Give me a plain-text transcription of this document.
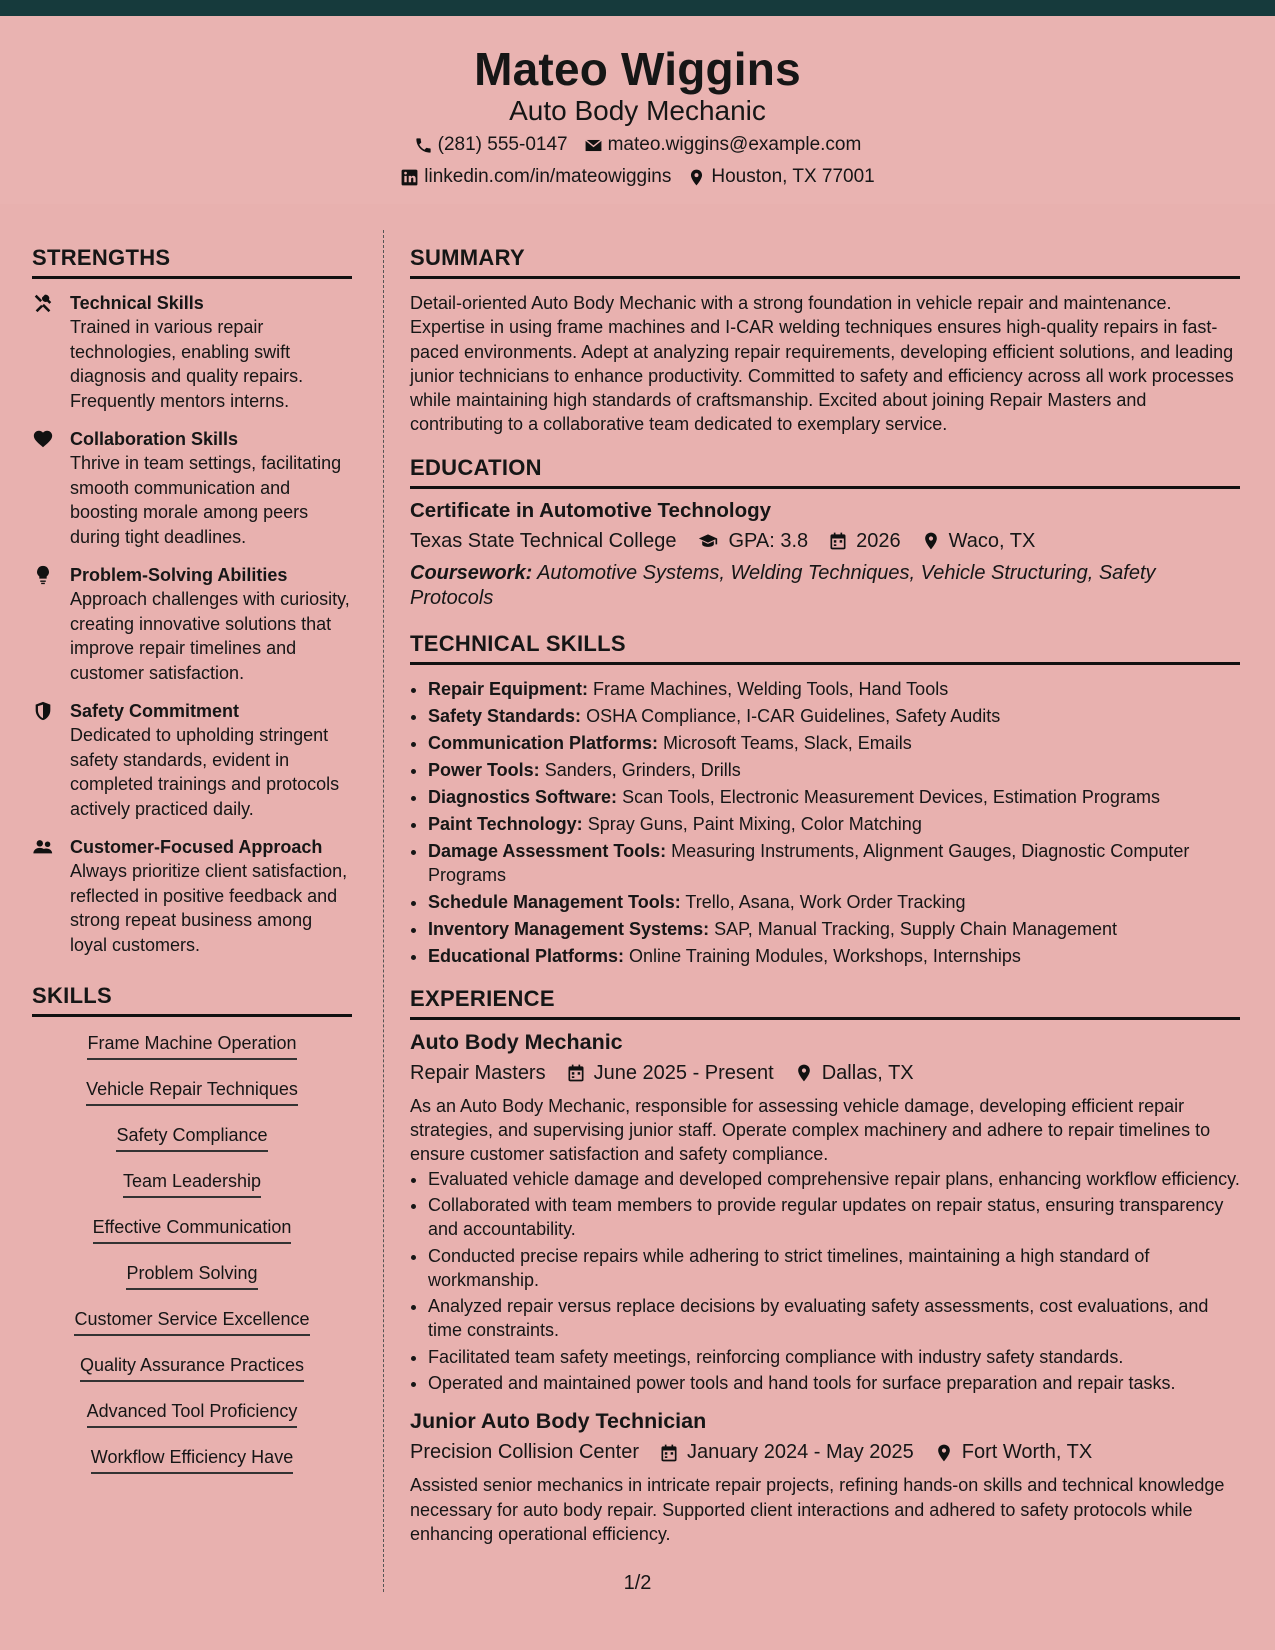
Mateo Wiggins
Auto Body Mechanic
(281) 555-0147 mateo.wiggins@example.com
linkedin.com/in/mateowiggins Houston, TX 77001
STRENGTHS
Technical Skills
Trained in various repair technologies, enabling swift diagnosis and quality repairs. Frequently mentors interns.
Collaboration Skills
Thrive in team settings, facilitating smooth communication and boosting morale among peers during tight deadlines.
Problem-Solving Abilities
Approach challenges with curiosity, creating innovative solutions that improve repair timelines and customer satisfaction.
Safety Commitment
Dedicated to upholding stringent safety standards, evident in completed trainings and protocols actively practiced daily.
Customer-Focused Approach
Always prioritize client satisfaction, reflected in positive feedback and strong repeat business among loyal customers.
SKILLS
Frame Machine Operation
Vehicle Repair Techniques
Safety Compliance
Team Leadership
Effective Communication
Problem Solving
Customer Service Excellence
Quality Assurance Practices
Advanced Tool Proficiency
Workflow Efficiency Have
SUMMARY
Detail-oriented Auto Body Mechanic with a strong foundation in vehicle repair and maintenance. Expertise in using frame machines and I-CAR welding techniques ensures high-quality repairs in fast-paced environments. Adept at analyzing repair requirements, developing efficient solutions, and leading junior technicians to enhance productivity. Committed to safety and efficiency across all work processes while maintaining high standards of craftsmanship. Excited about joining Repair Masters and contributing to a collaborative team dedicated to exemplary service.
EDUCATION
Certificate in Automotive Technology
Texas State Technical College	GPA: 3.8 2026 Waco, TX
Coursework: Automotive Systems, Welding Techniques, Vehicle Structuring, Safety Protocols
TECHNICAL SKILLS
• Repair Equipment: Frame Machines, Welding Tools, Hand Tools
• Safety Standards: OSHA Compliance, I-CAR Guidelines, Safety Audits
• Communication Platforms: Microsoft Teams, Slack, Emails
• Power Tools: Sanders, Grinders, Drills
• Diagnostics Software: Scan Tools, Electronic Measurement Devices, Estimation Programs
• Paint Technology: Spray Guns, Paint Mixing, Color Matching
• Damage Assessment Tools: Measuring Instruments, Alignment Gauges, Diagnostic Computer Programs
• Schedule Management Tools: Trello, Asana, Work Order Tracking
• Inventory Management Systems: SAP, Manual Tracking, Supply Chain Management
• Educational Platforms: Online Training Modules, Workshops, Internships
EXPERIENCE
Auto Body Mechanic
Repair Masters June 2025 - Present Dallas, TX
As an Auto Body Mechanic, responsible for assessing vehicle damage, developing efficient repair strategies, and supervising junior staff. Operate complex machinery and adhere to repair timelines to ensure customer satisfaction and safety compliance.
• Evaluated vehicle damage and developed comprehensive repair plans, enhancing workflow efficiency.
• Collaborated with team members to provide regular updates on repair status, ensuring transparency and accountability.
• Conducted precise repairs while adhering to strict timelines, maintaining a high standard of workmanship.
• Analyzed repair versus replace decisions by evaluating safety assessments, cost evaluations, and time constraints.
• Facilitated team safety meetings, reinforcing compliance with industry safety standards.
• Operated and maintained power tools and hand tools for surface preparation and repair tasks.
Junior Auto Body Technician
Precision Collision Center January 2024 - May 2025 Fort Worth, TX
Assisted senior mechanics in intricate repair projects, refining hands-on skills and technical knowledge necessary for auto body repair. Supported client interactions and adhered to safety protocols while enhancing operational efficiency.
1/2
